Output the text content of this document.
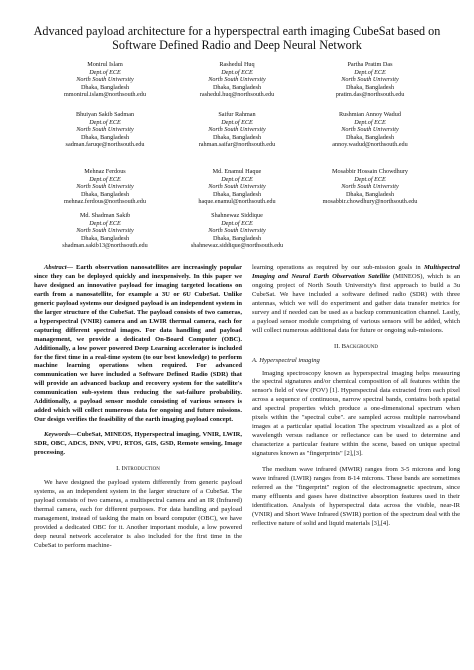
Advanced payload architecture for a hyperspectral earth imaging CubeSat based on Software Defined Radio and Deep Neural Network
Monirul Islam
Dept.of ECE
North South University
Dhaka, Bangladesh
mmonirul.islam@northsouth.edu
Rashedul Huq
Dept.of ECE
North South University
Dhaka, Bangladesh
rashedul.huq@northsouth.edu
Partha Pratim Das
Dept.of ECE
North South University
Dhaka, Bangladesh
pratim.das@northsouth.edu
Bhuiyan Sakib Sadman
Dept.of ECE
North South University
Dhaka, Bangladesh
sadman.faruqe@northsouth.edu
Saifur Rahman
Dept.of ECE
North South University
Dhaka, Bangladesh
rahman.saifar@northsouth.edu
Rushmian Annoy Wadud
Dept.of ECE
North South University
Dhaka, Bangladesh
annoy.wadud@northsouth.edu
Mehnaz Ferdous
Dept.of ECE
North South University
Dhaka, Bangladesh
mehnaz.ferdous@northsouth.edu
Md. Enamul Haque
Dept.of ECE
North South University
Dhaka, Bangladesh
haque.enamul@northsouth.edu
Mosabbir Hossain Chowdhury
Dept.of ECE
North South University
Dhaka, Bangladesh
mosabbir.chowdhury@northsouth.edu
Md. Shadman Sakib
Dept.of ECE
North South University
Dhaka, Bangladesh
shadman.sakib13@northsouth.edu
Shahnewaz Siddique
Dept.of ECE
North South University
Dhaka, Bangladesh
shahnewaz.siddique@northsouth.edu

Abstract— Earth observation nanosatellites are increasingly popular since they can be deployed quickly and inexpensively. In this paper we have designed an innovative payload for imaging targeted locations on earth from a nanosatellite, for example a 3U or 6U CubeSat. Unlike generic payload systems our designed payload is an independent system in the larger structure of the CubeSat. The payload consists of two cameras, a hyperspectral (VNIR) camera and an LWIR thermal camera, each for capturing different spectral images. For data handling and payload management, we provide a dedicated On-Board Computer (OBC). Additionally, a low power powered Deep Learning accelerator is included for the first time in a real-time system (to our best knowledge) to perform machine learning operations when required. For advanced communication we have included a Software Defined Radio (SDR) that will provide an advanced backup and recovery system for the satellite's communication sub-system thus reducing the sat-failure probability. Additionally, a payload sensor module consisting of various sensors is added which will collect numerous data for ongoing and future missions. Our design verifies the feasibility of the earth imaging payload concept.

Keywords—CubeSat, MINEOS, Hyperspectral imaging, VNIR, LWIR, SDR, OBC, ADCS, DNN, VPU, RTOS, GIS, GSD, Remote sensing, Image processing.

I. Introduction

We have designed the payload system differently from generic payload systems, as an independent system in the larger structure of a CubeSat. The payload consists of two cameras, a multispectral camera and an IR (Infrared) thermal camera, each for different purposes. For data handling and payload management, instead of tasking the main on board computer (OBC), we have provided a dedicated OBC for it. Another important module, a low powered deep neural network accelerator is also included for the first time in the CubeSat to perform machine-

learning operations as required by our sub-mission goals in Multispectral Imaging and Neural Earth Observation Satellite (MINEOS), which is an ongoing project of North South University's first approach to build a 3u CubeSat. We have included a software defined radio (SDR) with three antennas, which we will do experiment and gather data transfer metrics for survey and if needed can be used as a backup communication channel. Lastly, a payload sensor module comprising of various sensors will be added, which will collect numerous additional data for future or ongoing sub-missions.

II. Background
A. Hyperspectral imaging

Imaging spectroscopy known as hyperspectral imaging helps measuring the spectral signatures and/or chemical composition of all features within the sensor's field of view (FOV) [1]. Hyperspectral data extracted from each pixel across a sequence of continuous, narrow spectral bands, contains both spatial and spectral properties which produce a one-dimensional spectrum when pixels within the "spectral cube". are sampled across multiple narrowband images at a particular spatial location The spectrum visualized as a plot of wavelength versus radiance or reflectance can be used to determine and characterize a particular feature within the scene, based on unique spectral signatures known as "fingerprints" [2],[3].

The medium wave infrared (MWIR) ranges from 3-5 microns and long wave infrared (LWIR) ranges from 8-14 microns. These bands are sometimes referred as the "fingerprint" region of the electromagnetic spectrum, since many effluents and gases have distinctive absorption features used in their identification. Analysis of hyperspectral data across the visible, near-IR (VNIR) and Short Wave Infrared (SWIR) portion of the spectrum deal with the reflective nature of solid and liquid materials [3],[4].
